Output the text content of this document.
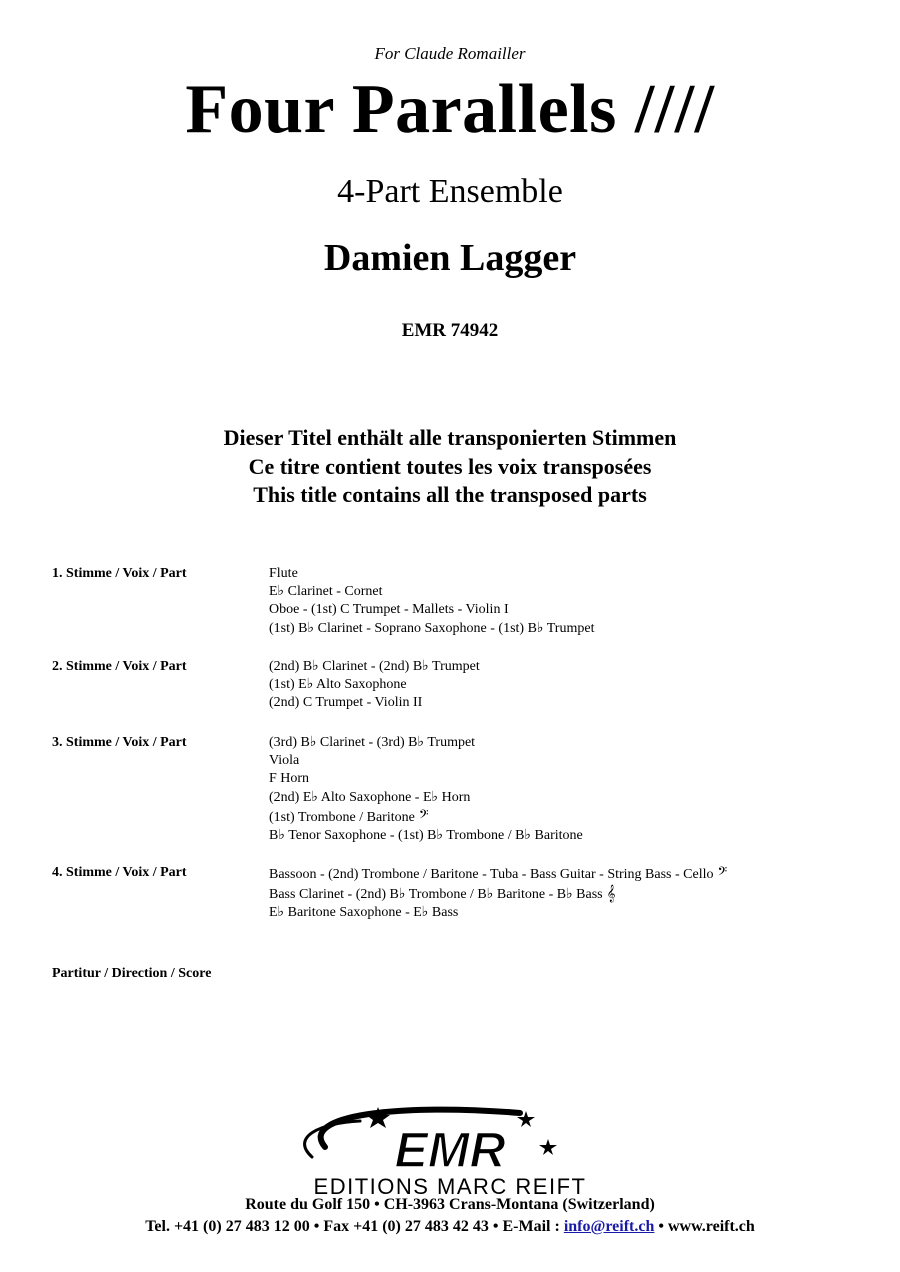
For Claude Romailler
Four Parallels ////
4-Part Ensemble
Damien Lagger
EMR 74942
Dieser Titel enthält alle transponierten Stimmen
Ce titre contient toutes les voix transposées
This title contains all the transposed parts
1. Stimme / Voix / Part	Flute
E♭ Clarinet - Cornet
Oboe - (1st) C Trumpet - Mallets - Violin I
(1st) B♭ Clarinet - Soprano Saxophone - (1st) B♭ Trumpet
2. Stimme / Voix / Part	(2nd) B♭ Clarinet - (2nd) B♭ Trumpet
(1st) E♭ Alto Saxophone
(2nd) C Trumpet - Violin II
3. Stimme / Voix / Part	(3rd) B♭ Clarinet - (3rd) B♭ Trumpet
Viola
F Horn
(2nd) E♭ Alto Saxophone - E♭ Horn
(1st) Trombone / Baritone 𝄢
B♭ Tenor Saxophone - (1st) B♭ Trombone / B♭ Baritone
4. Stimme / Voix / Part	Bassoon - (2nd) Trombone / Baritone - Tuba - Bass Guitar - String Bass - Cello 𝄢
Bass Clarinet - (2nd) B♭ Trombone / B♭ Baritone - B♭ Bass 𝄞
E♭ Baritone Saxophone - E♭ Bass
Partitur / Direction / Score
EMR
EDITIONS MARC REIFT
Route du Golf 150 • CH-3963 Crans-Montana (Switzerland)
Tel. +41 (0) 27 483 12 00 • Fax +41 (0) 27 483 42 43 • E-Mail : info@reift.ch • www.reift.ch
